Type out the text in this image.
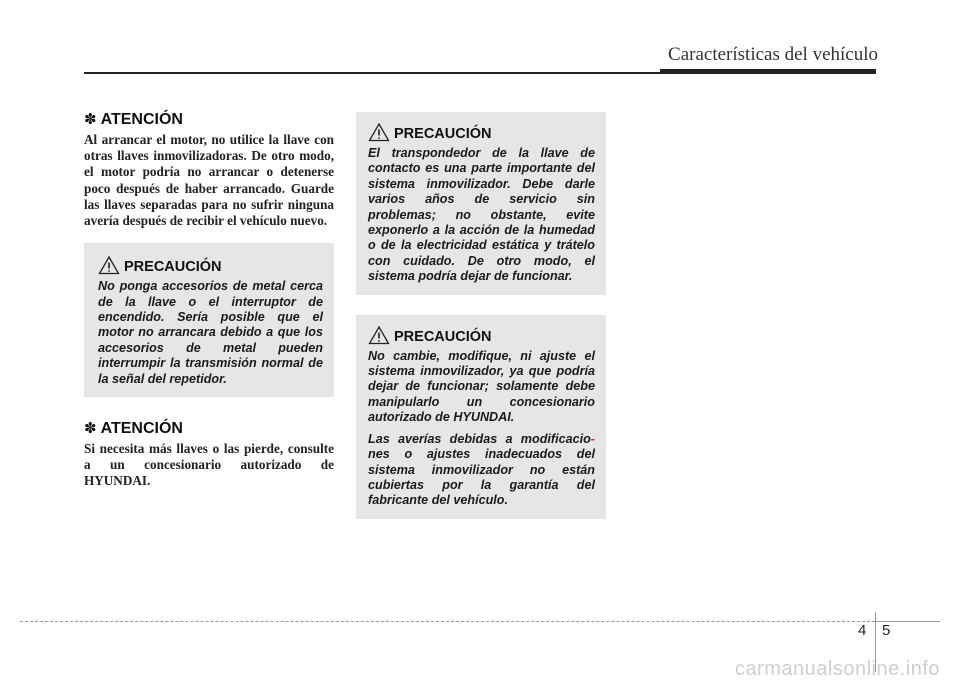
Características del vehículo
✽ ATENCIÓN

Al arrancar el motor, no utilice la llave con otras llaves inmovilizadoras. De otro modo, el motor podría no arrancar o detenerse poco después de haber arrancado. Guarde las llaves separadas para no sufrir ninguna avería después de recibir el vehículo nuevo.

PRECAUCIÓN

No ponga accesorios de metal cerca de la llave o el interruptor de encendido. Sería posible que el motor no arrancara debido a que los accesorios de metal pueden interrumpir la transmisión normal de la señal del repetidor.

✽ ATENCIÓN

Si necesita más llaves o las pierde, consulte a un concesionario autorizado de HYUNDAI.

PRECAUCIÓN

El transpondedor de la llave de contacto es una parte importante del sistema inmovilizador. Debe darle varios años de servicio sin problemas; no obstante, evite exponerlo a la acción de la humedad o de la electricidad estática y trátelo con cuidado. De otro modo, el sistema podría dejar de funcionar.

PRECAUCIÓN

No cambie, modifique, ni ajuste el sistema inmovilizador, ya que podría dejar de funcionar; solamente debe manipularlo un concesionario autorizado de HYUNDAI.

Las averías debidas a modificacio- nes o ajustes inadecuados del sistema inmovilizador no están cubiertas por la garantía del fabricante del vehículo.

4 5
carmanualsonline.info
